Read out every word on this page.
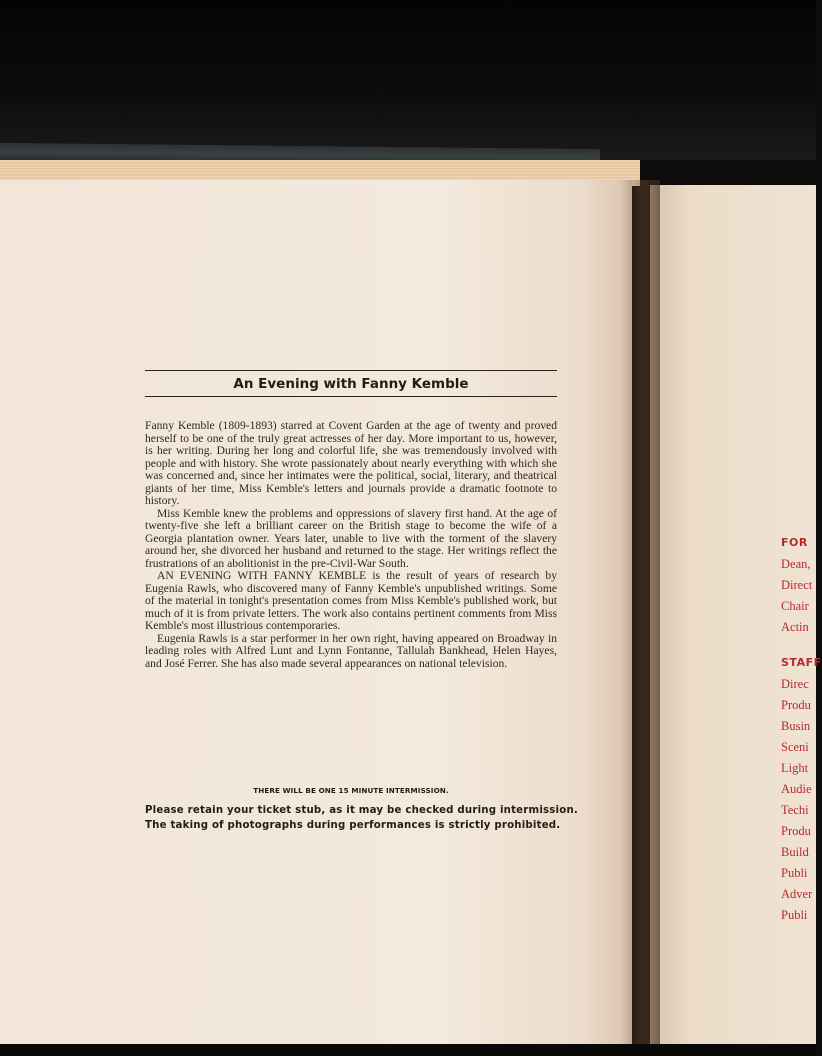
An Evening with Fanny Kemble

Fanny Kemble (1809-1893) starred at Covent Garden at the age of twenty and proved herself to be one of the truly great actresses of her day. More important to us, however, is her writing. During her long and colorful life, she was tremendously involved with people and with history. She wrote passionately about nearly everything with which she was concerned and, since her intimates were the political, social, literary, and theatrical giants of her time, Miss Kemble's letters and journals provide a dramatic footnote to history.

Miss Kemble knew the problems and oppressions of slavery first hand. At the age of twenty-five she left a brilliant career on the British stage to become the wife of a Georgia plantation owner. Years later, unable to live with the torment of the slavery around her, she divorced her husband and returned to the stage. Her writings reflect the frustrations of an abolitionist in the pre-Civil-War South.

AN EVENING WITH FANNY KEMBLE is the result of years of research by Eugenia Rawls, who discovered many of Fanny Kemble's unpublished writings. Some of the material in tonight's presentation comes from Miss Kemble's published work, but much of it is from private letters. The work also contains pertinent comments from Miss Kemble's most illustrious contemporaries.

Eugenia Rawls is a star performer in her own right, having appeared on Broadway in leading roles with Alfred Lunt and Lynn Fontanne, Tallulah Bankhead, Helen Hayes, and José Ferrer. She has also made several appearances on national television.

THERE WILL BE ONE 15 MINUTE INTERMISSION.
Please retain your ticket stub, as it may be checked during intermission.
The taking of photographs during performances is strictly prohibited.
FOR
Dean,
Direct
Chair
Actin
STAFF
Direc
Produ
Busin
Sceni
Light
Audie
Techi
Produ
Build
Publi
Adver
Publi
